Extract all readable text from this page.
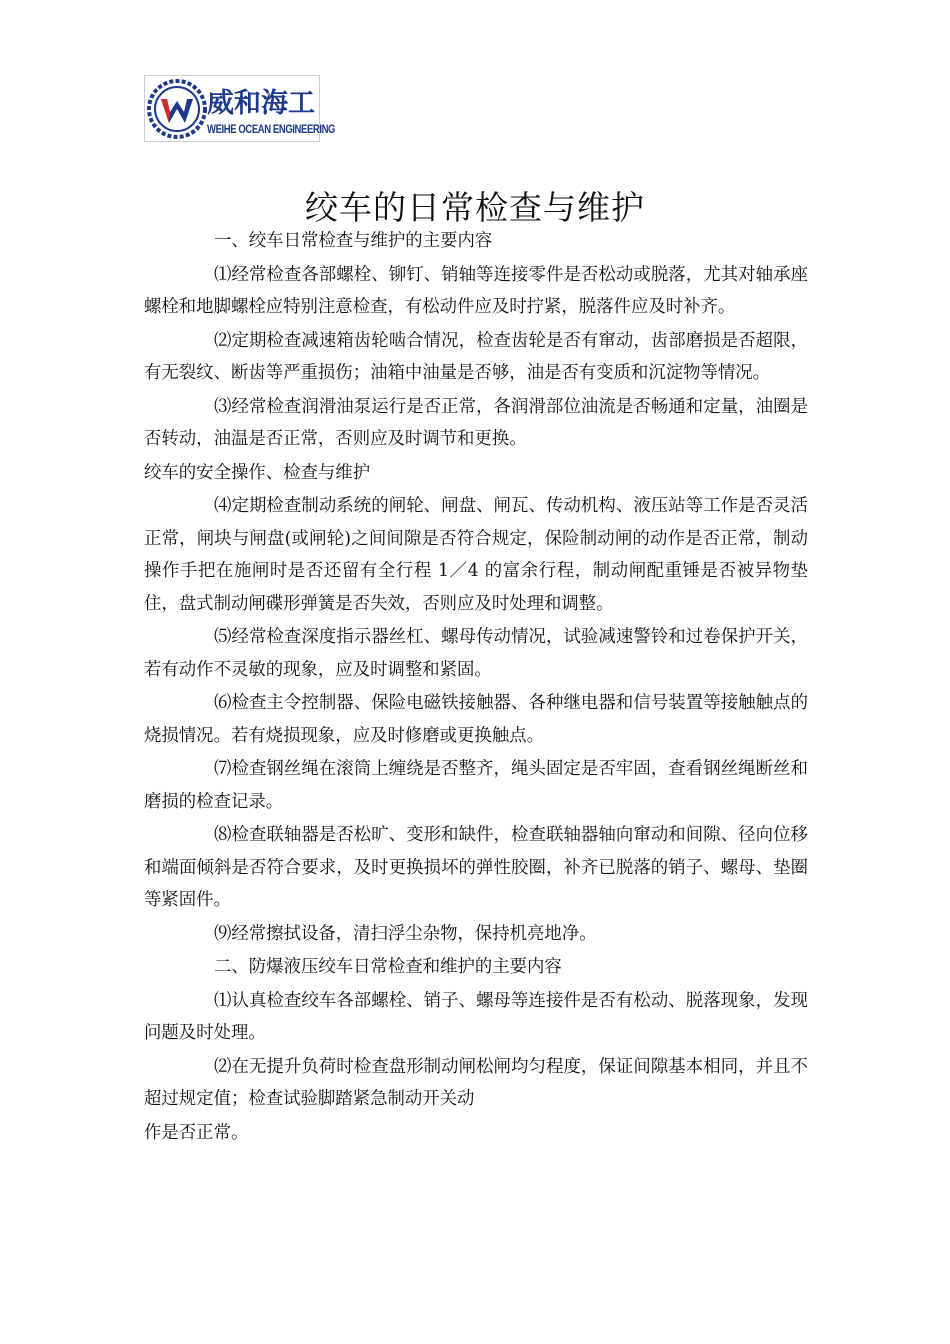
威和海工
WEIHE OCEAN ENGINEERING
绞车的日常检查与维护

一、绞车日常检查与维护的主要内容

⑴经常检查各部螺栓、铆钉、销轴等连接零件是否松动或脱落，尤其对轴承座螺栓和地脚螺栓应特别注意检查，有松动件应及时拧紧，脱落件应及时补齐。

⑵定期检查减速箱齿轮啮合情况，检查齿轮是否有窜动，齿部磨损是否超限，有无裂纹、断齿等严重损伤；油箱中油量是否够，油是否有变质和沉淀物等情况。

⑶经常检查润滑油泵运行是否正常，各润滑部位油流是否畅通和定量，油圈是否转动，油温是否正常，否则应及时调节和更换。

绞车的安全操作、检查与维护

⑷定期检查制动系统的闸轮、闸盘、闸瓦、传动机构、液压站等工作是否灵活正常，闸块与闸盘(或闸轮)之间间隙是否符合规定，保险制动闸的动作是否正常，制动操作手把在施闸时是否还留有全行程 1／4 的富余行程，制动闸配重锤是否被异物垫住，盘式制动闸碟形弹簧是否失效，否则应及时处理和调整。

⑸经常检查深度指示器丝杠、螺母传动情况，试验减速警铃和过卷保护开关，若有动作不灵敏的现象，应及时调整和紧固。

⑹检查主令控制器、保险电磁铁接触器、各种继电器和信号装置等接触触点的烧损情况。若有烧损现象，应及时修磨或更换触点。

⑺检查钢丝绳在滚筒上缠绕是否整齐，绳头固定是否牢固，查看钢丝绳断丝和磨损的检查记录。

⑻检查联轴器是否松旷、变形和缺件，检查联轴器轴向窜动和间隙、径向位移和端面倾斜是否符合要求，及时更换损坏的弹性胶圈，补齐已脱落的销子、螺母、垫圈等紧固件。

⑼经常擦拭设备，清扫浮尘杂物，保持机亮地净。

二、防爆液压绞车日常检查和维护的主要内容

⑴认真检查绞车各部螺栓、销子、螺母等连接件是否有松动、脱落现象，发现问题及时处理。

⑵在无提升负荷时检查盘形制动闸松闸均匀程度，保证间隙基本相同，并且不超过规定值；检查试验脚踏紧急制动开关动

作是否正常。
